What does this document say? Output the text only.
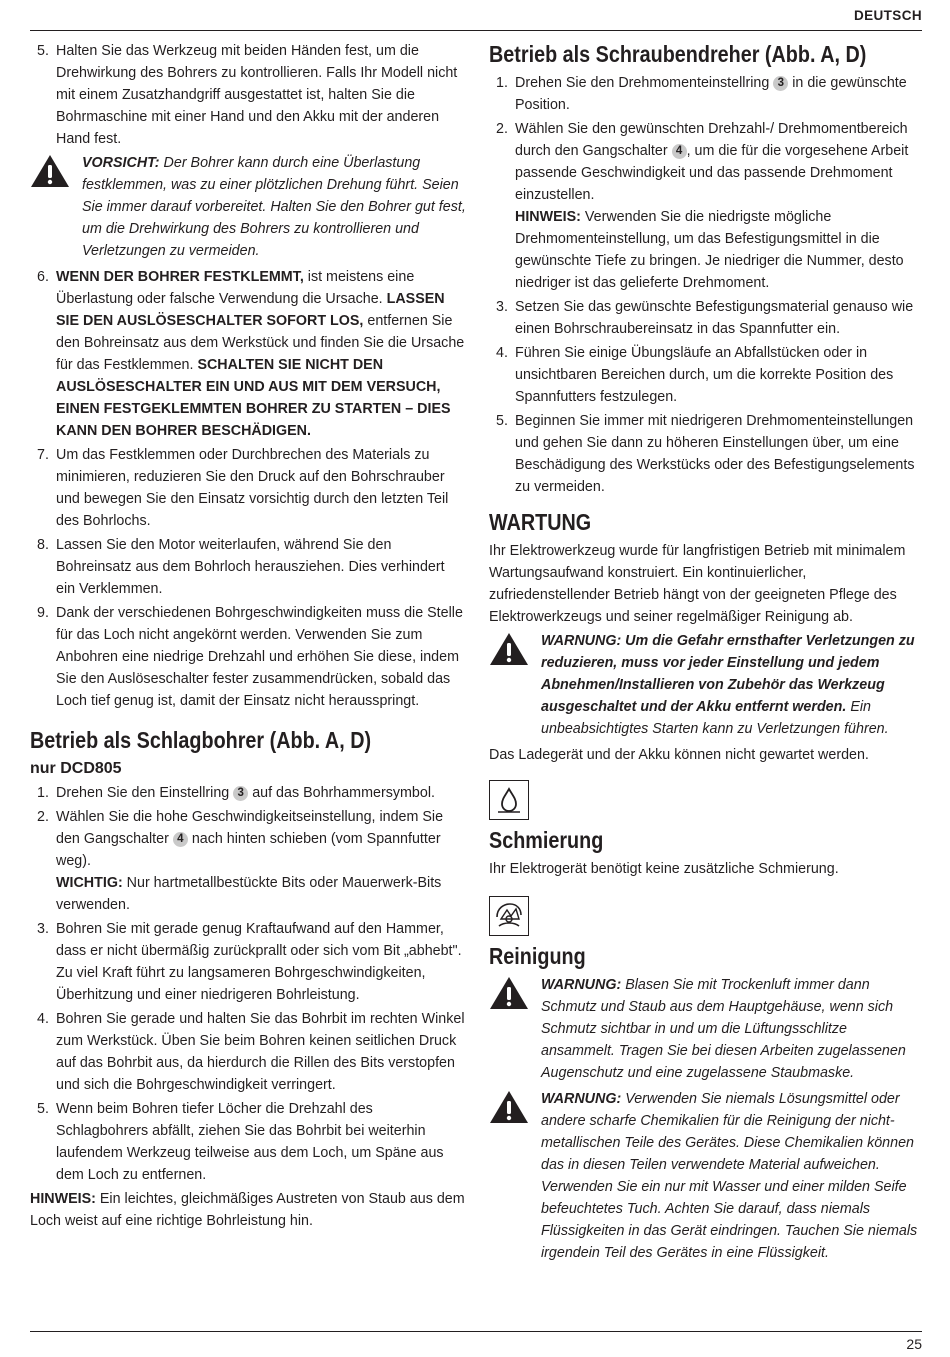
DEUTSCH
5. Halten Sie das Werkzeug mit beiden Händen fest, um die Drehwirkung des Bohrers zu kontrollieren. Falls Ihr Modell nicht mit einem Zusatzhandgriff ausgestattet ist, halten Sie die Bohrmaschine mit einer Hand und den Akku mit der anderen Hand fest.
VORSICHT: Der Bohrer kann durch eine Überlastung festklemmen, was zu einer plötzlichen Drehung führt. Seien Sie immer darauf vorbereitet. Halten Sie den Bohrer gut fest, um die Drehwirkung des Bohrers zu kontrollieren und Verletzungen zu vermeiden.
6. WENN DER BOHRER FESTKLEMMT, ist meistens eine Überlastung oder falsche Verwendung die Ursache. LASSEN SIE DEN AUSLÖSESCHALTER SOFORT LOS, entfernen Sie den Bohreinsatz aus dem Werkstück und finden Sie die Ursache für das Festklemmen. SCHALTEN SIE NICHT DEN AUSLÖSESCHALTER EIN UND AUS MIT DEM VERSUCH, EINEN FESTGEKLEMMTEN BOHRER ZU STARTEN – DIES KANN DEN BOHRER BESCHÄDIGEN.
7. Um das Festklemmen oder Durchbrechen des Materials zu minimieren, reduzieren Sie den Druck auf den Bohrschrauber und bewegen Sie den Einsatz vorsichtig durch den letzten Teil des Bohrlochs.
8. Lassen Sie den Motor weiterlaufen, während Sie den Bohreinsatz aus dem Bohrloch herausziehen. Dies verhindert ein Verklemmen.
9. Dank der verschiedenen Bohrgeschwindigkeiten muss die Stelle für das Loch nicht angekörnt werden. Verwenden Sie zum Anbohren eine niedrige Drehzahl und erhöhen Sie diese, indem Sie den Auslöseschalter fester zusammendrücken, sobald das Loch tief genug ist, damit der Einsatz nicht herausspringt.
Betrieb als Schlagbohrer (Abb. A, D)
nur DCD805
1. Drehen Sie den Einstellring 3 auf das Bohrhammersymbol.
2. Wählen Sie die hohe Geschwindigkeitseinstellung, indem Sie den Gangschalter 4 nach hinten schieben (vom Spannfutter weg).
WICHTIG: Nur hartmetallbestückte Bits oder Mauerwerk-Bits verwenden.
3. Bohren Sie mit gerade genug Kraftaufwand auf den Hammer, dass er nicht übermäßig zurückprallt oder sich vom Bit „abhebt". Zu viel Kraft führt zu langsameren Bohrgeschwindigkeiten, Überhitzung und einer niedrigeren Bohrleistung.
4. Bohren Sie gerade und halten Sie das Bohrbit im rechten Winkel zum Werkstück. Üben Sie beim Bohren keinen seitlichen Druck auf das Bohrbit aus, da hierdurch die Rillen des Bits verstopfen und sich die Bohrgeschwindigkeit verringert.
5. Wenn beim Bohren tiefer Löcher die Drehzahl des Schlagbohrers abfällt, ziehen Sie das Bohrbit bei weiterhin laufendem Werkzeug teilweise aus dem Loch, um Späne aus dem Loch zu entfernen.
HINWEIS: Ein leichtes, gleichmäßiges Austreten von Staub aus dem Loch weist auf eine richtige Bohrleistung hin.
Betrieb als Schraubendreher (Abb. A, D)
1. Drehen Sie den Drehmomenteinstellring 3 in die gewünschte Position.
2. Wählen Sie den gewünschten Drehzahl-/ Drehmomentbereich durch den Gangschalter 4 , um die für die vorgesehene Arbeit passende Geschwindigkeit und das passende Drehmoment einzustellen.
HINWEIS: Verwenden Sie die niedrigste mögliche Drehmomenteinstellung, um das Befestigungsmittel in die gewünschte Tiefe zu bringen. Je niedriger die Nummer, desto niedriger ist das gelieferte Drehmoment.
3. Setzen Sie das gewünschte Befestigungsmaterial genauso wie einen Bohrschraubereinsatz in das Spannfutter ein.
4. Führen Sie einige Übungsläufe an Abfallstücken oder in unsichtbaren Bereichen durch, um die korrekte Position des Spannfutters festzulegen.
5. Beginnen Sie immer mit niedrigeren Drehmomenteinstellungen und gehen Sie dann zu höheren Einstellungen über, um eine Beschädigung des Werkstücks oder des Befestigungselements zu vermeiden.
WARTUNG
Ihr Elektrowerkzeug wurde für langfristigen Betrieb mit minimalem Wartungsaufwand konstruiert. Ein kontinuierlicher, zufriedenstellender Betrieb hängt von der geeigneten Pflege des Elektrowerkzeugs und seiner regelmäßiger Reinigung ab.
WARNUNG: Um die Gefahr ernsthafter Verletzungen zu reduzieren, muss vor jeder Einstellung und jedem Abnehmen/Installieren von Zubehör das Werkzeug ausgeschaltet und der Akku entfernt werden. Ein unbeabsichtigtes Starten kann zu Verletzungen führen.
Das Ladegerät und der Akku können nicht gewartet werden.
Schmierung
Ihr Elektrogerät benötigt keine zusätzliche Schmierung.
Reinigung
WARNUNG: Blasen Sie mit Trockenluft immer dann Schmutz und Staub aus dem Hauptgehäuse, wenn sich Schmutz sichtbar in und um die Lüftungsschlitze ansammelt. Tragen Sie bei diesen Arbeiten zugelassenen Augenschutz und eine zugelassene Staubmaske.
WARNUNG: Verwenden Sie niemals Lösungsmittel oder andere scharfe Chemikalien für die Reinigung der nicht-metallischen Teile des Gerätes. Diese Chemikalien können das in diesen Teilen verwendete Material aufweichen. Verwenden Sie ein nur mit Wasser und einer milden Seife befeuchtetes Tuch. Achten Sie darauf, dass niemals Flüssigkeiten in das Gerät eindringen. Tauchen Sie niemals irgendein Teil des Gerätes in eine Flüssigkeit.
25
